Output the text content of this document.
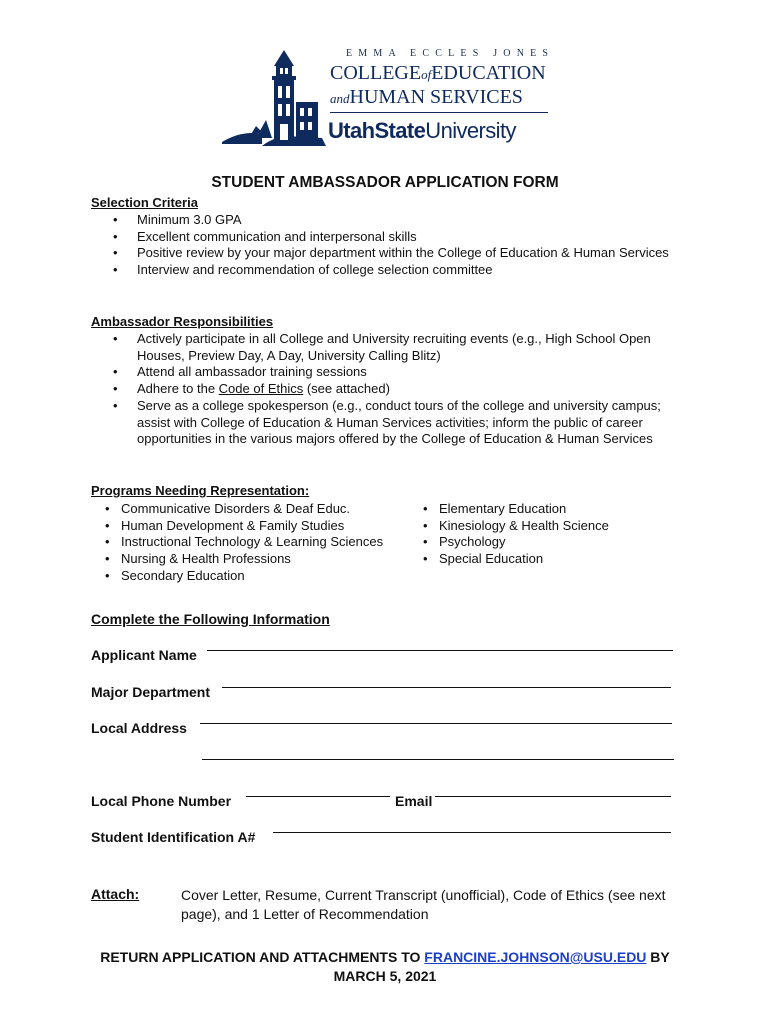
EMMA ECCLES JONES
COLLEGEofEDUCATION
andHUMAN SERVICES
UtahStateUniversity
STUDENT AMBASSADOR APPLICATION FORM
Selection Criteria
• Minimum 3.0 GPA
• Excellent communication and interpersonal skills
• Positive review by your major department within the College of Education & Human Services
• Interview and recommendation of college selection committee
Ambassador Responsibilities
• Actively participate in all College and University recruiting events (e.g., High School Open Houses, Preview Day, A Day, University Calling Blitz)
• Attend all ambassador training sessions
• Adhere to the Code of Ethics (see attached)
• Serve as a college spokesperson (e.g., conduct tours of the college and university campus; assist with College of Education & Human Services activities; inform the public of career opportunities in the various majors offered by the College of Education & Human Services
Programs Needing Representation:
• Communicative Disorders & Deaf Educ.
• Human Development & Family Studies
• Instructional Technology & Learning Sciences
• Nursing & Health Professions
• Secondary Education
• Elementary Education
• Kinesiology & Health Science
• Psychology
• Special Education
Complete the Following Information
Applicant Name
Major Department
Local Address
Local Phone Number	Email
Student Identification A#
Attach:	Cover Letter, Resume, Current Transcript (unofficial), Code of Ethics (see next page), and 1 Letter of Recommendation
RETURN APPLICATION AND ATTACHMENTS TO FRANCINE.JOHNSON@USU.EDU BY
MARCH 5, 2021
